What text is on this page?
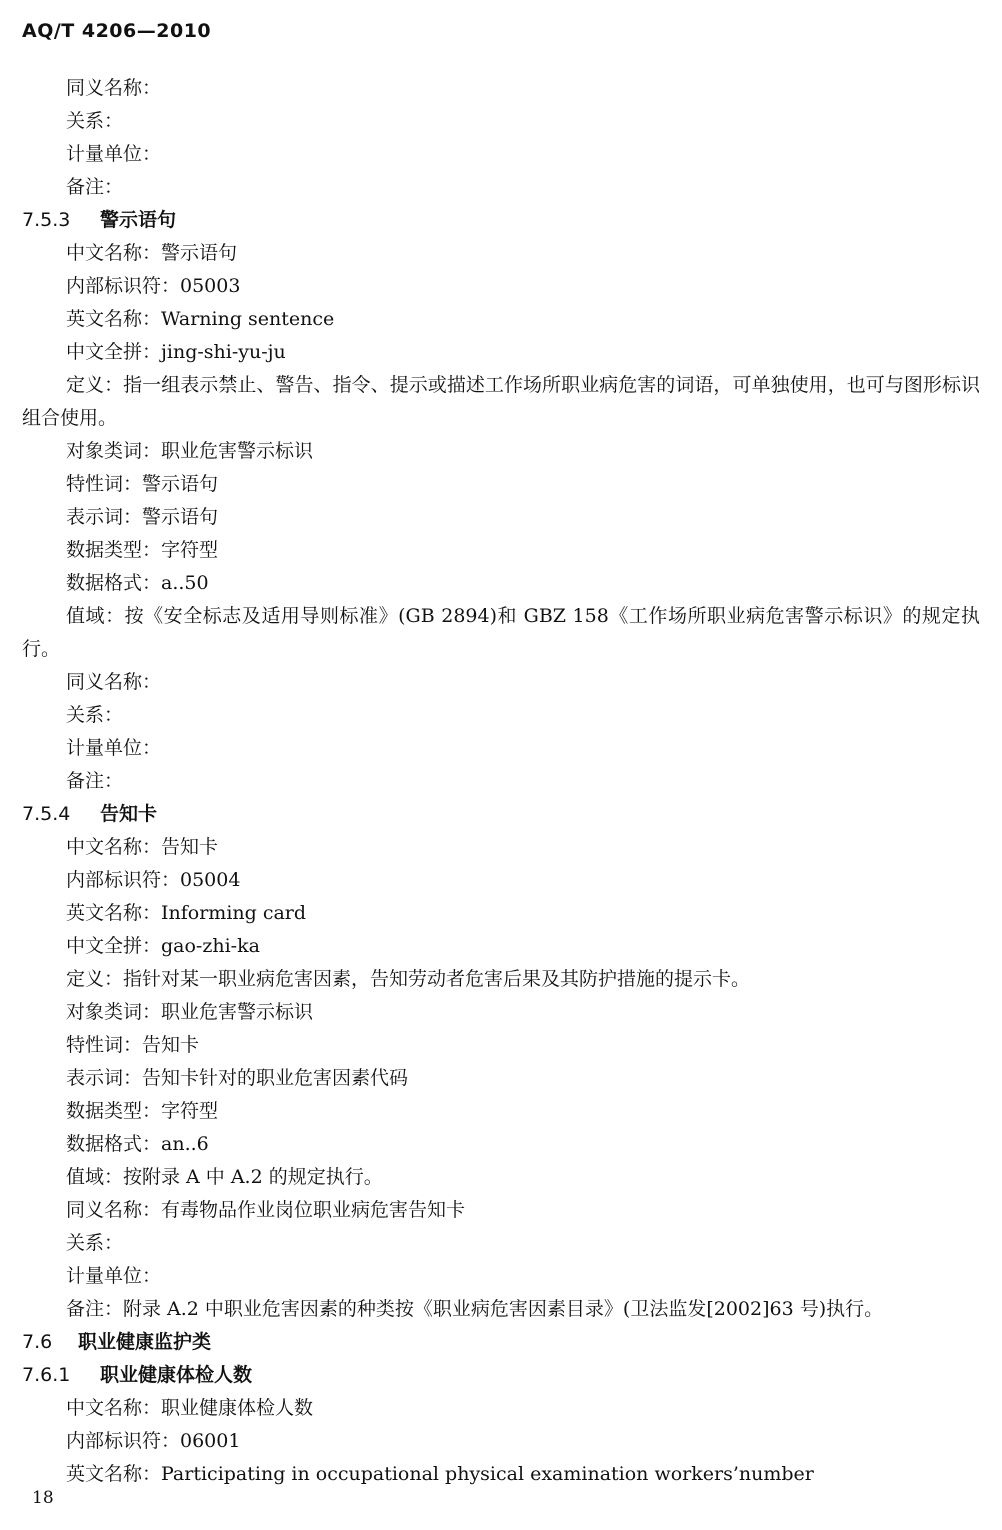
AQ/T 4206—2010
同义名称：
关系：
计量单位：
备注：
7.5.3 警示语句
中文名称：警示语句
内部标识符：05003
英文名称：Warning sentence
中文全拼：jing-shi-yu-ju
定义：指一组表示禁止、警告、指令、提示或描述工作场所职业病危害的词语，可单独使用，也可与图形标识组合使用。
对象类词：职业危害警示标识
特性词：警示语句
表示词：警示语句
数据类型：字符型
数据格式：a..50
值域：按《安全标志及适用导则标准》(GB 2894)和 GBZ 158《工作场所职业病危害警示标识》的规定执行。
同义名称：
关系：
计量单位：
备注：
7.5.4 告知卡
中文名称：告知卡
内部标识符：05004
英文名称：Informing card
中文全拼：gao-zhi-ka
定义：指针对某一职业病危害因素，告知劳动者危害后果及其防护措施的提示卡。
对象类词：职业危害警示标识
特性词：告知卡
表示词：告知卡针对的职业危害因素代码
数据类型：字符型
数据格式：an..6
值域：按附录 A 中 A.2 的规定执行。
同义名称：有毒物品作业岗位职业病危害告知卡
关系：
计量单位：
备注：附录 A.2 中职业危害因素的种类按《职业病危害因素目录》(卫法监发[2002]63 号)执行。
7.6 职业健康监护类
7.6.1 职业健康体检人数
中文名称：职业健康体检人数
内部标识符：06001
英文名称：Participating in occupational physical examination workers’number
18
